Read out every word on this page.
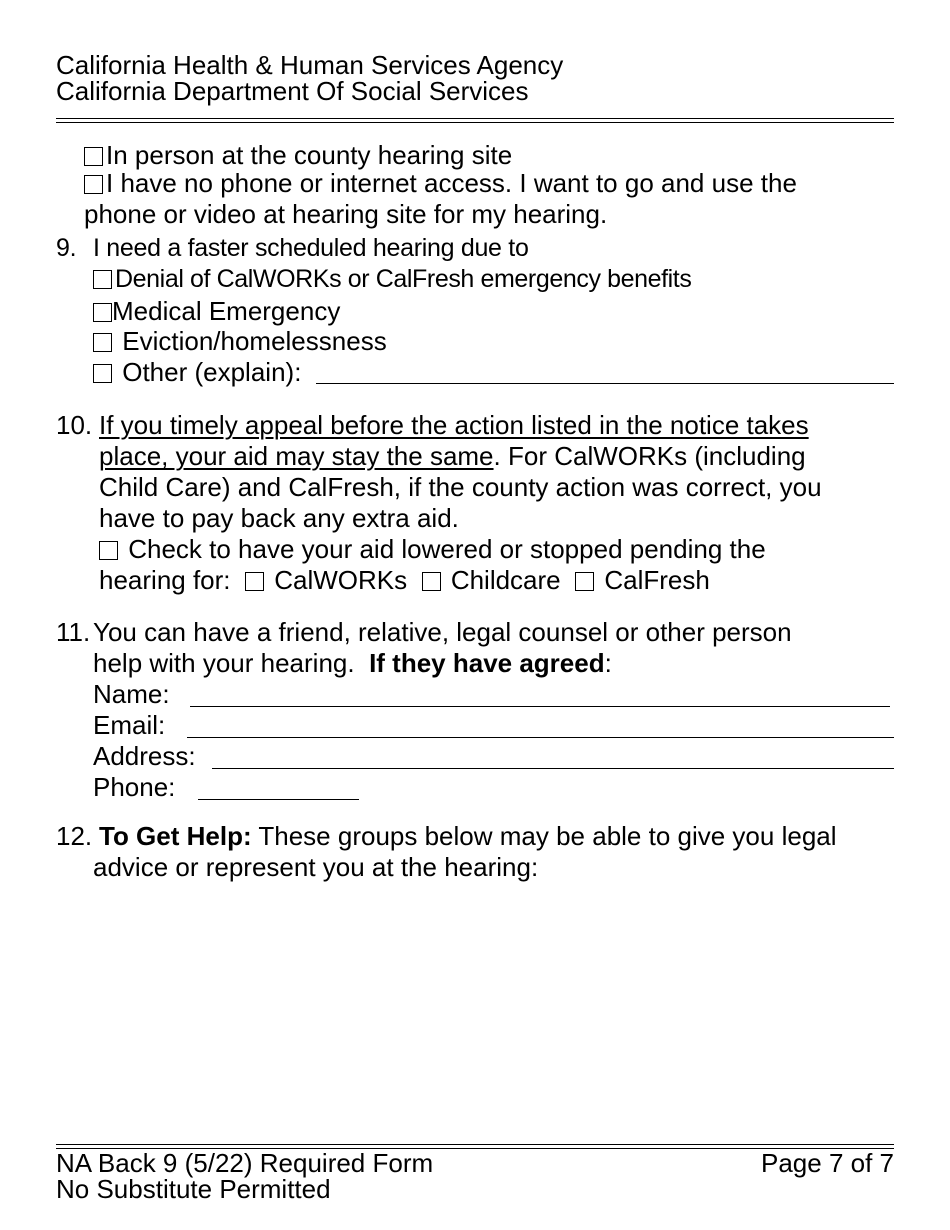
California Health & Human Services Agency
California Department Of Social Services
In person at the county hearing site
I have no phone or internet access. I want to go and use the
phone or video at hearing site for my hearing.
9. I need a faster scheduled hearing due to
Denial of CalWORKs or CalFresh emergency benefits
Medical Emergency
Eviction/homelessness
Other (explain):
10. If you timely appeal before the action listed in the notice takes
place, your aid may stay the same. For CalWORKs (including
Child Care) and CalFresh, if the county action was correct, you
have to pay back any extra aid.
Check to have your aid lowered or stopped pending the
hearing for: CalWORKs Childcare CalFresh
11. You can have a friend, relative, legal counsel or other person
help with your hearing. If they have agreed:
Name:
Email:
Address:
Phone:
12. To Get Help: These groups below may be able to give you legal
advice or represent you at the hearing:
NA Back 9 (5/22) Required Form
No Substitute Permitted
Page 7 of 7
